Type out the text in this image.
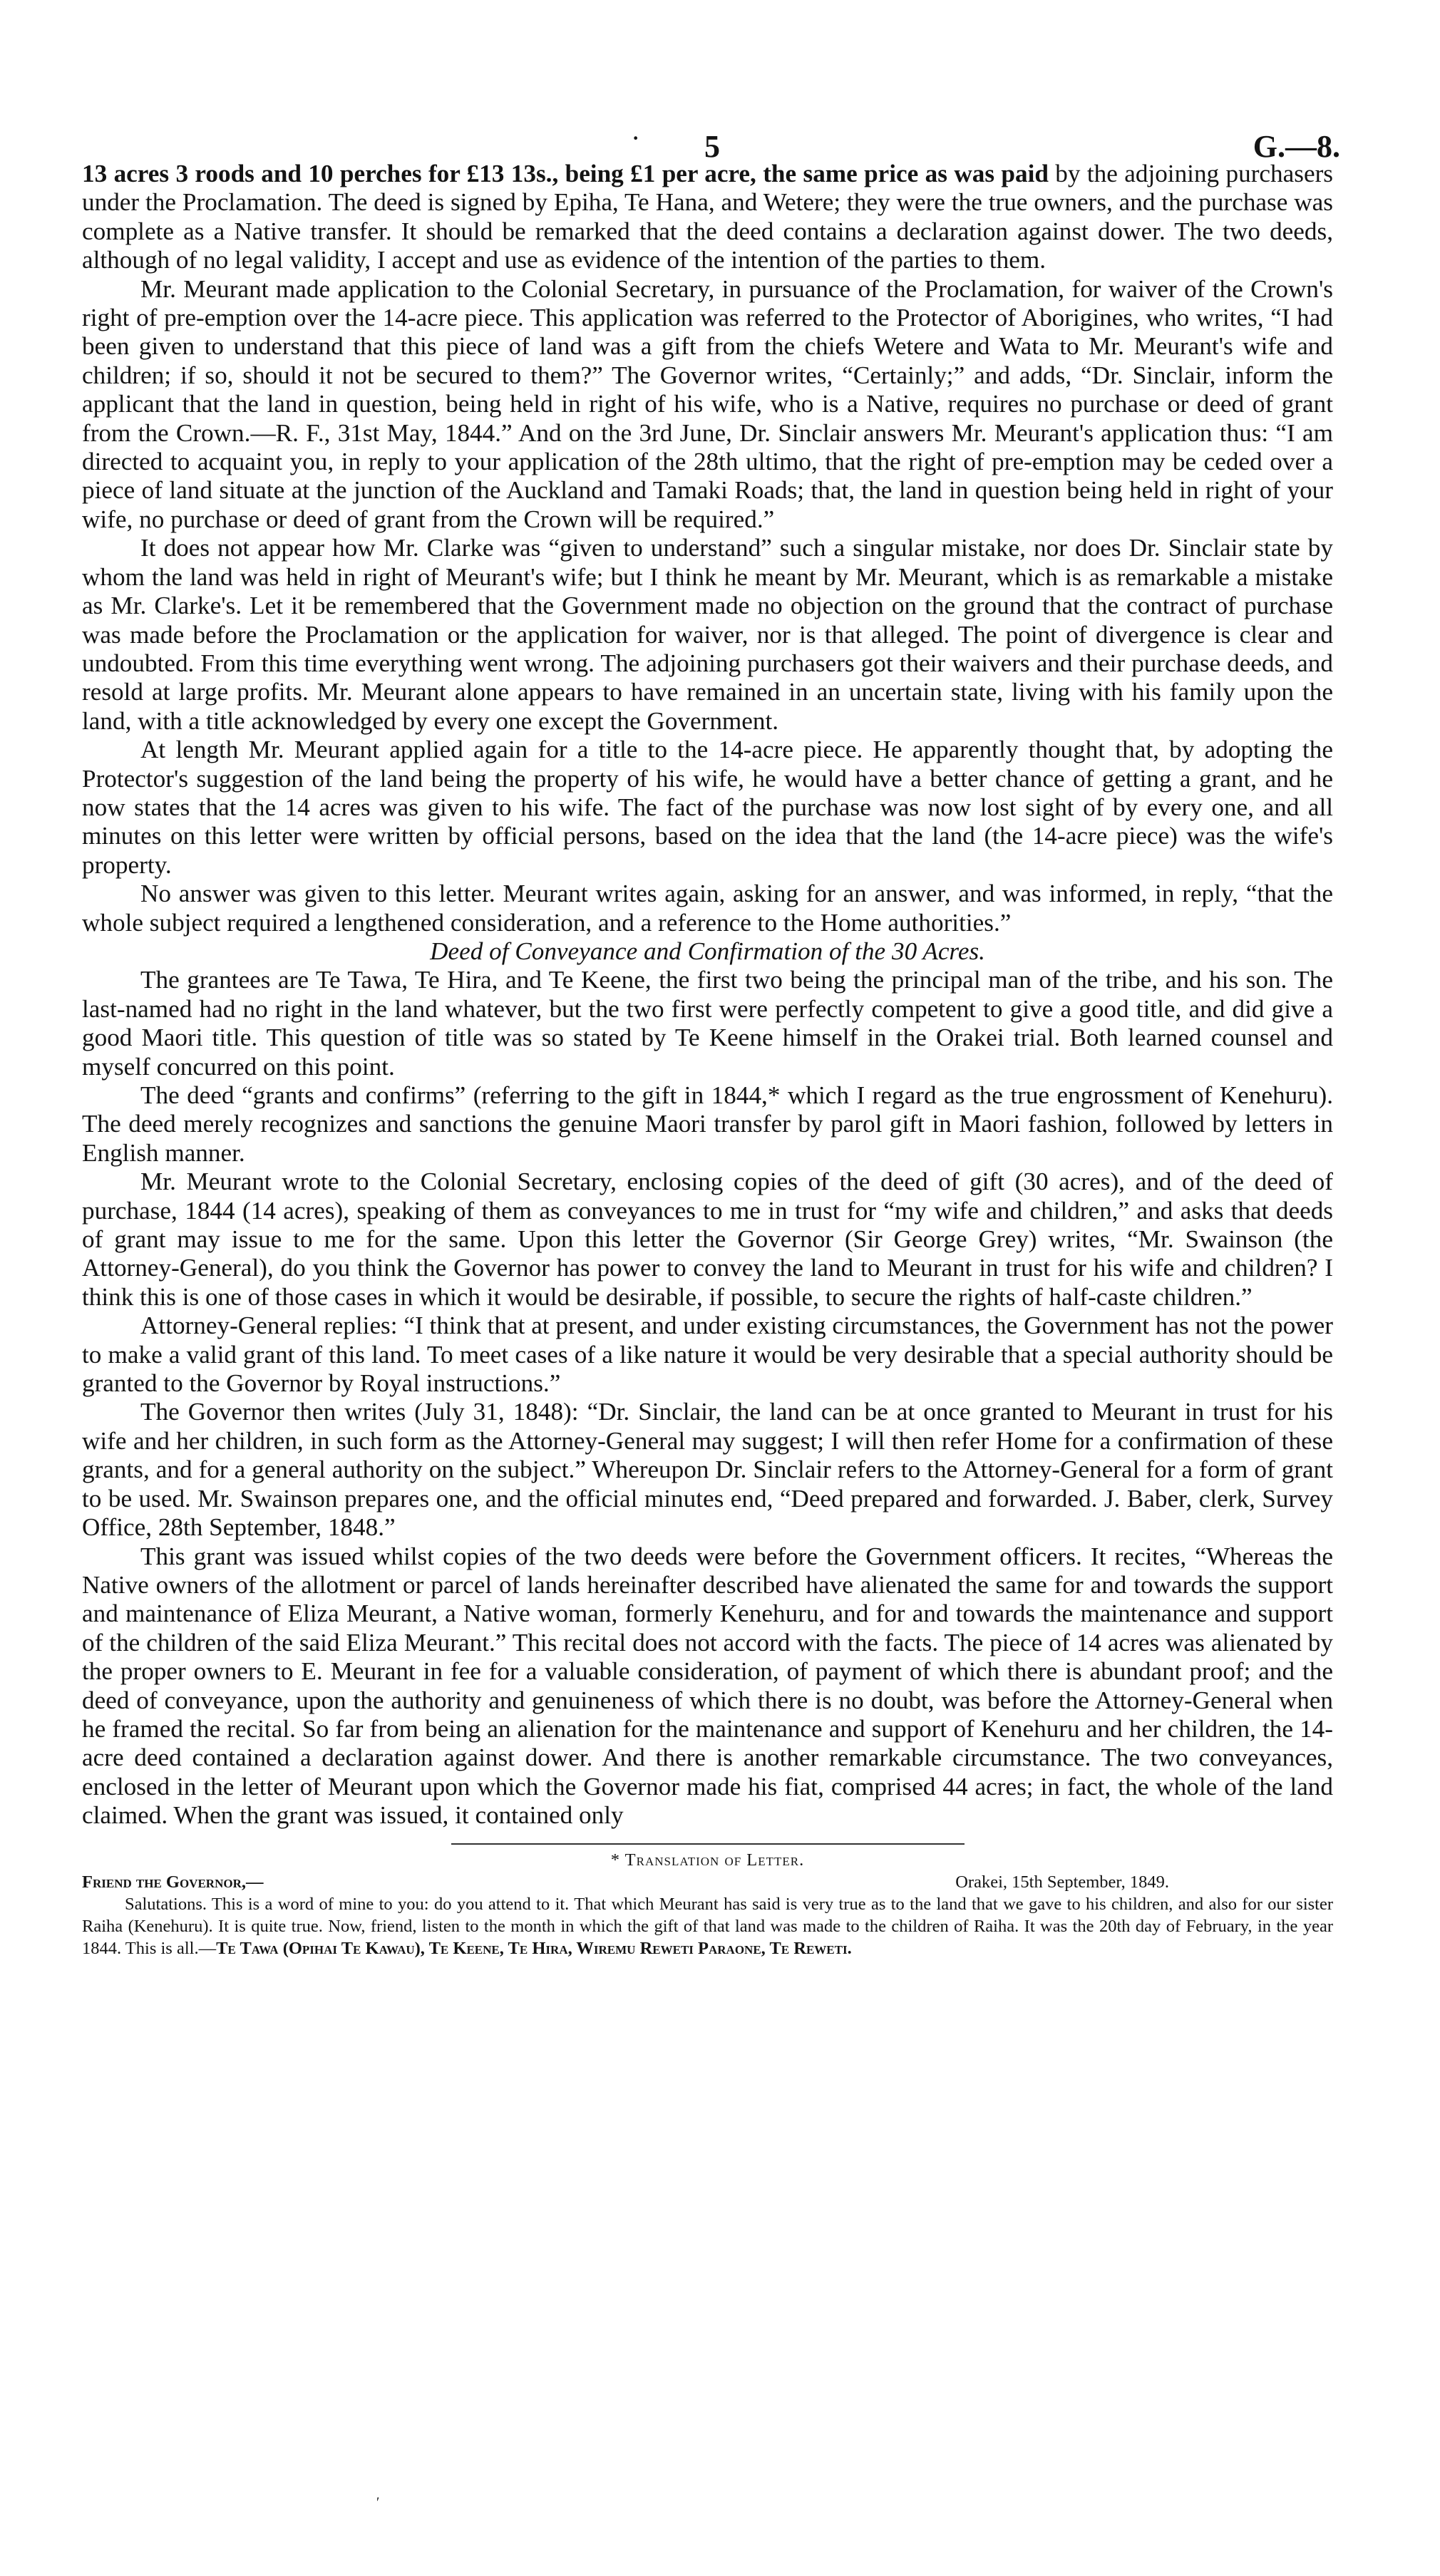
· 5	G.—8.

13 acres 3 roods and 10 perches for £13 13s., being £1 per acre, the same price as was paid by the adjoining purchasers under the Proclamation. The deed is signed by Epiha, Te Hana, and Wetere; they were the true owners, and the purchase was complete as a Native transfer. It should be remarked that the deed contains a declaration against dower. The two deeds, although of no legal validity, I accept and use as evidence of the intention of the parties to them.

Mr. Meurant made application to the Colonial Secretary, in pursuance of the Proclamation, for waiver of the Crown's right of pre-emption over the 14-acre piece. This application was referred to the Protector of Aborigines, who writes, “I had been given to understand that this piece of land was a gift from the chiefs Wetere and Wata to Mr. Meurant's wife and children; if so, should it not be secured to them?” The Governor writes, “Certainly;” and adds, “Dr. Sinclair, inform the applicant that the land in question, being held in right of his wife, who is a Native, requires no purchase or deed of grant from the Crown.—R. F., 31st May, 1844.” And on the 3rd June, Dr. Sinclair answers Mr. Meurant's application thus: “I am directed to acquaint you, in reply to your application of the 28th ultimo, that the right of pre-emption may be ceded over a piece of land situate at the junction of the Auckland and Tamaki Roads; that, the land in question being held in right of your wife, no purchase or deed of grant from the Crown will be required.”

It does not appear how Mr. Clarke was “given to understand” such a singular mistake, nor does Dr. Sinclair state by whom the land was held in right of Meurant's wife; but I think he meant by Mr. Meurant, which is as remarkable a mistake as Mr. Clarke's. Let it be remembered that the Government made no objection on the ground that the contract of purchase was made before the Proclamation or the application for waiver, nor is that alleged. The point of divergence is clear and undoubted. From this time everything went wrong. The adjoining purchasers got their waivers and their purchase deeds, and resold at large profits. Mr. Meurant alone appears to have remained in an uncertain state, living with his family upon the land, with a title acknowledged by every one except the Government.

At length Mr. Meurant applied again for a title to the 14-acre piece. He apparently thought that, by adopting the Protector's suggestion of the land being the property of his wife, he would have a better chance of getting a grant, and he now states that the 14 acres was given to his wife. The fact of the purchase was now lost sight of by every one, and all minutes on this letter were written by official persons, based on the idea that the land (the 14-acre piece) was the wife's property.

No answer was given to this letter. Meurant writes again, asking for an answer, and was informed, in reply, “that the whole subject required a lengthened consideration, and a reference to the Home authorities.”

Deed of Conveyance and Confirmation of the 30 Acres.

The grantees are Te Tawa, Te Hira, and Te Keene, the first two being the principal man of the tribe, and his son. The last-named had no right in the land whatever, but the two first were perfectly competent to give a good title, and did give a good Maori title. This question of title was so stated by Te Keene himself in the Orakei trial. Both learned counsel and myself concurred on this point.

The deed “grants and confirms” (referring to the gift in 1844,* which I regard as the true engrossment of Kenehuru). The deed merely recognizes and sanctions the genuine Maori transfer by parol gift in Maori fashion, followed by letters in English manner.

Mr. Meurant wrote to the Colonial Secretary, enclosing copies of the deed of gift (30 acres), and of the deed of purchase, 1844 (14 acres), speaking of them as conveyances to me in trust for “my wife and children,” and asks that deeds of grant may issue to me for the same. Upon this letter the Governor (Sir George Grey) writes, “Mr. Swainson (the Attorney-General), do you think the Governor has power to convey the land to Meurant in trust for his wife and children? I think this is one of those cases in which it would be desirable, if possible, to secure the rights of half-caste children.”

Attorney-General replies: “I think that at present, and under existing circumstances, the Government has not the power to make a valid grant of this land. To meet cases of a like nature it would be very desirable that a special authority should be granted to the Governor by Royal instructions.”

The Governor then writes (July 31, 1848): “Dr. Sinclair, the land can be at once granted to Meurant in trust for his wife and her children, in such form as the Attorney-General may suggest; I will then refer Home for a confirmation of these grants, and for a general authority on the subject.” Whereupon Dr. Sinclair refers to the Attorney-General for a form of grant to be used. Mr. Swainson prepares one, and the official minutes end, “Deed prepared and forwarded. J. Baber, clerk, Survey Office, 28th September, 1848.”

This grant was issued whilst copies of the two deeds were before the Government officers. It recites, “Whereas the Native owners of the allotment or parcel of lands hereinafter described have alienated the same for and towards the support and maintenance of Eliza Meurant, a Native woman, formerly Kenehuru, and for and towards the maintenance and support of the children of the said Eliza Meurant.” This recital does not accord with the facts. The piece of 14 acres was alienated by the proper owners to E. Meurant in fee for a valuable consideration, of payment of which there is abundant proof; and the deed of conveyance, upon the authority and genuineness of which there is no doubt, was before the Attorney-General when he framed the recital. So far from being an alienation for the maintenance and support of Kenehuru and her children, the 14-acre deed contained a declaration against dower. And there is another remarkable circumstance. The two conveyances, enclosed in the letter of Meurant upon which the Governor made his fiat, comprised 44 acres; in fact, the whole of the land claimed. When the grant was issued, it contained only

* Translation of Letter.
Friend the Governor,—	Orakei, 15th September, 1849.

Salutations. This is a word of mine to you: do you attend to it. That which Meurant has said is very true as to the land that we gave to his children, and also for our sister Raiha (Kenehuru). It is quite true. Now, friend, listen to the month in which the gift of that land was made to the children of Raiha. It was the 20th day of February, in the year 1844. This is all.—Te Tawa (Opihai Te Kawau), Te Keene, Te Hira, Wiremu Reweti Paraone, Te Reweti.

ʹ
